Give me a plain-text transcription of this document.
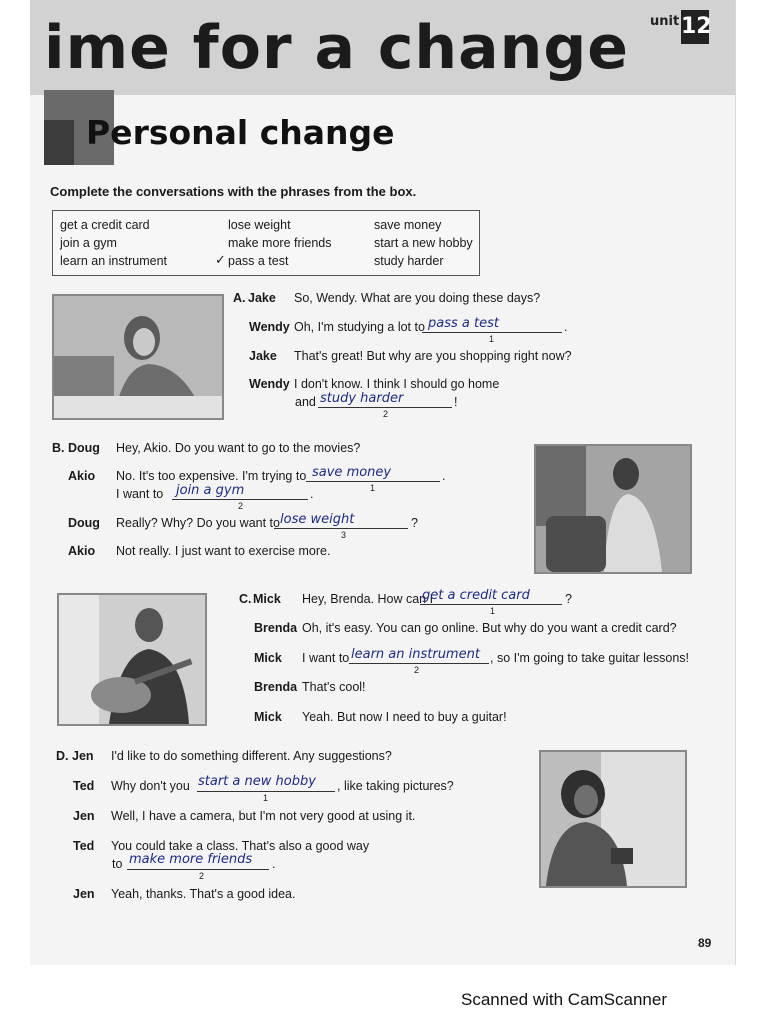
ime for a change unit 12
Personal change
Complete the conversations with the phrases from the box.
get a credit card
join a gym
learn an instrument
lose weight
make more friends
✓ pass a test
save money
start a new hobby
study harder
A. Jake So, Wendy. What are you doing these days?
Wendy Oh, I'm studying a lot to pass a test	.
1
Jake That's great! But why are you shopping right now?
Wendy I don't know. I think I should go home
and study harder	!
2
B. Doug Hey, Akio. Do you want to go to the movies?
Akio No. It's too expensive. I'm trying to save money	.
1
I want to join a gym	.
2
Doug Really? Why? Do you want to lose weight	?
3
Akio Not really. I just want to exercise more.
C. Mick Hey, Brenda. How can I
get a credit card	?
1
Brenda Oh, it's easy. You can go online. But why do you want a credit card?
Mick I want to learn an instrument , so I'm going to take guitar lessons!
2
Brenda That's cool!
Mick Yeah. But now I need to buy a guitar!
D. Jen I'd like to do something different. Any suggestions?
Ted Why don't you start a new hobby , like taking pictures?
1
Jen Well, I have a camera, but I'm not very good at using it.
Ted You could take a class. That's also a good way
to make more friends .
2
Jen Yeah, thanks. That's a good idea.
89
Scanned with CamScanner
